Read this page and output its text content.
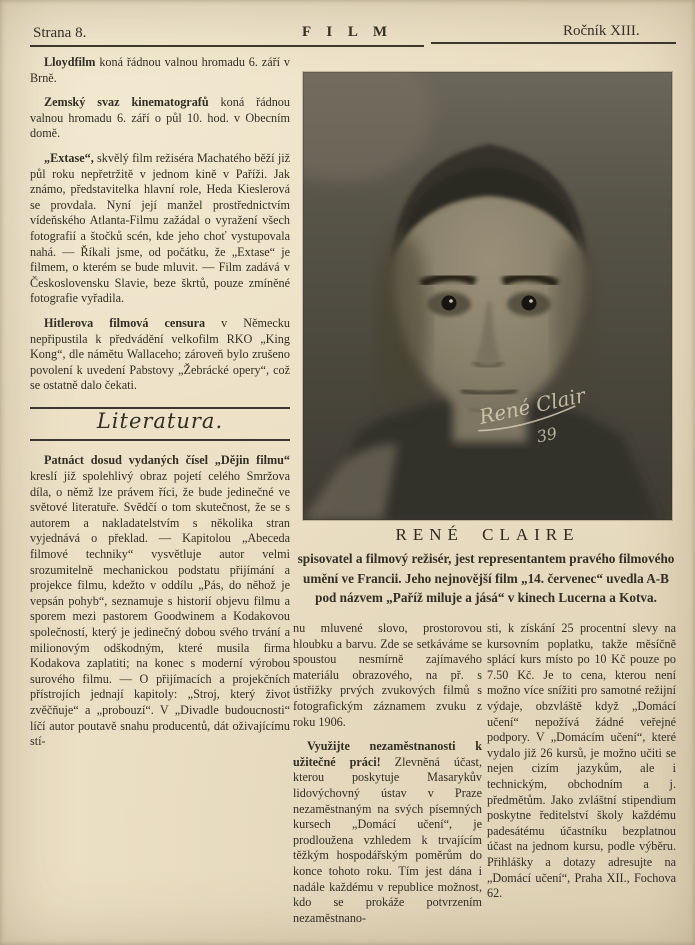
Strana 8.	F I L M	Ročník XIII.

Lloydfilm koná řádnou valnou hromadu 6. září v Brně.

Zemský svaz kinematografů koná řádnou valnou hromadu 6. září o půl 10. hod. v Obecním domě.

„Extase“, skvělý film režiséra Machatého běží již půl roku nepřetržitě v jednom kině v Paříži. Jak známo, představitelka hlavní role, Heda Kieslerová se provdala. Nyní její manžel prostřednictvím vídeňského Atlanta-Filmu zažádal o vyražení všech fotografií a štočků scén, kde jeho choť vystupovala nahá. — Říkali jsme, od počátku, že „Extase“ je filmem, o kterém se bude mluvit. — Film zadává v Československu Slavie, beze škrtů, pouze zmíněné fotografie vyřadila.

Hitlerova filmová censura v Německu nepřipustila k předvádění velkofilm RKO „King Kong“, dle námětu Wallaceho; zároveň bylo zrušeno povolení k uvedení Pabstovy „Žebrácké opery“, což se ostatně dalo čekati.

Literatura.

Patnáct dosud vydaných čísel „Dějin filmu“ kreslí již spolehlivý obraz pojetí celého Smržova díla, o němž lze právem říci, že bude jedinečné ve světové literatuře. Svědčí o tom skutečnost, že se s autorem a nakladatelstvím s několika stran vyjednává o překlad. — Kapitolou „Abeceda filmové techniky“ vysvětluje autor velmi srozumitelně mechanickou podstatu přijímání a projekce filmu, kdežto v oddílu „Pás, do něhož je vepsán pohyb“, seznamuje s historií objevu filmu a sporem mezi pastorem Goodwinem a Kodakovou společností, který je jedinečný dobou svého trvání a milionovým odškodným, které musila firma Kodakova zaplatiti; na konec s moderní výrobou surového filmu. — O přijímacích a projekčních přístrojích jednají kapitoly: „Stroj, který život zvěčňuje“ a „probouzí“. V „Divadle budoucnosti“ líčí autor poutavě snahu producentů, dát oživajícímu stí-

René Clair
39
RENÉ CLAIRE
spisovatel a filmový režisér, jest representantem pravého filmového
umění ve Francii. Jeho nejnovější film „14. červenec“ uvedla A-B
pod názvem „Paříž miluje a jásá“ v kinech Lucerna a Kotva.

nu mluvené slovo, prostorovou hloubku a barvu. Zde se setkáváme se spoustou nesmírně zajímavého materiálu obrazového, na př. s ústřižky prvých zvukových filmů s fotografickým záznamem zvuku z roku 1906.

Využijte nezaměstnanosti k užitečné práci! Zlevněná účast, kterou poskytuje Masarykův lidovýchovný ústav v Praze nezaměstnaným na svých písemných kursech „Domácí učení“, je prodloužena vzhledem k trvajícím těžkým hospodářským poměrům do konce tohoto roku. Tím jest dána i nadále každému v republice možnost, kdo se prokáže potvrzením nezaměstnano-

sti, k získání 25 procentní slevy na kursovním poplatku, takže měsíčně splácí kurs místo po 10 Kč pouze po 7.50 Kč. Je to cena, kterou není možno více snížiti pro samotné režijní výdaje, obzvláště když „Domácí učení“ nepožívá žádné veřejné podpory. V „Domácím učení“, které vydalo již 26 kursů, je možno učiti se nejen cizím jazykům, ale i technickým, obchodním a j. předmětům. Jako zvláštní stipendium poskytne ředitelství školy každému padesátému účastníku bezplatnou účast na jednom kursu, podle výběru. Přihlášky a dotazy adresujte na „Domácí učení“, Praha XII., Fochova 62.
